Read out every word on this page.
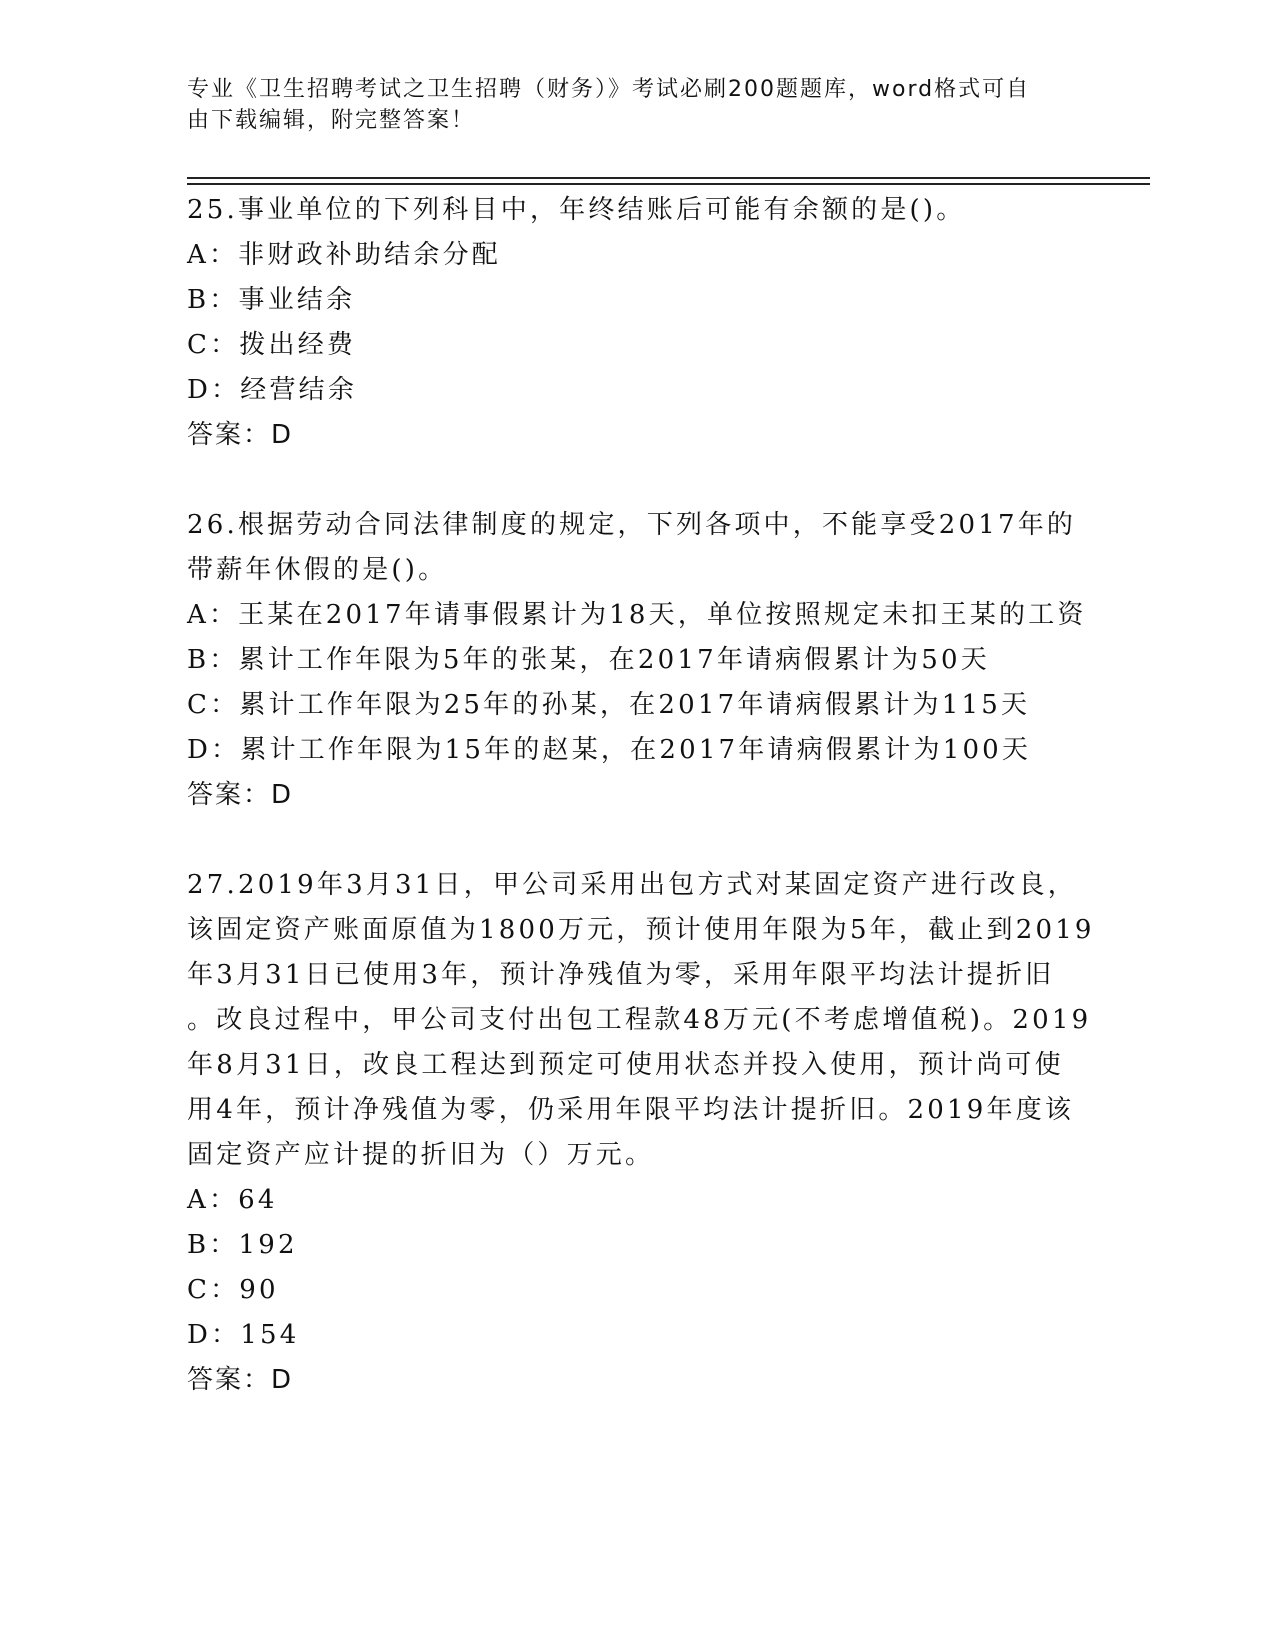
专业《卫生招聘考试之卫生招聘（财务）》考试必刷200题题库，word格式可自
由下载编辑，附完整答案！
25.事业单位的下列科目中，年终结账后可能有余额的是()。
A：非财政补助结余分配
B：事业结余
C：拨出经费
D：经营结余
答案：D
26.根据劳动合同法律制度的规定，下列各项中，不能享受2017年的
带薪年休假的是()。
A：王某在2017年请事假累计为18天，单位按照规定未扣王某的工资
B：累计工作年限为5年的张某，在2017年请病假累计为50天
C：累计工作年限为25年的孙某，在2017年请病假累计为115天
D：累计工作年限为15年的赵某，在2017年请病假累计为100天
答案：D
27.2019年3月31日，甲公司采用出包方式对某固定资产进行改良，
该固定资产账面原值为1800万元，预计使用年限为5年，截止到2019
年3月31日已使用3年，预计净残值为零，采用年限平均法计提折旧
。改良过程中，甲公司支付出包工程款48万元(不考虑增值税)。2019
年8月31日，改良工程达到预定可使用状态并投入使用，预计尚可使
用4年，预计净残值为零，仍采用年限平均法计提折旧。2019年度该
固定资产应计提的折旧为（）万元。
A：64
B：192
C：90
D：154
答案：D
